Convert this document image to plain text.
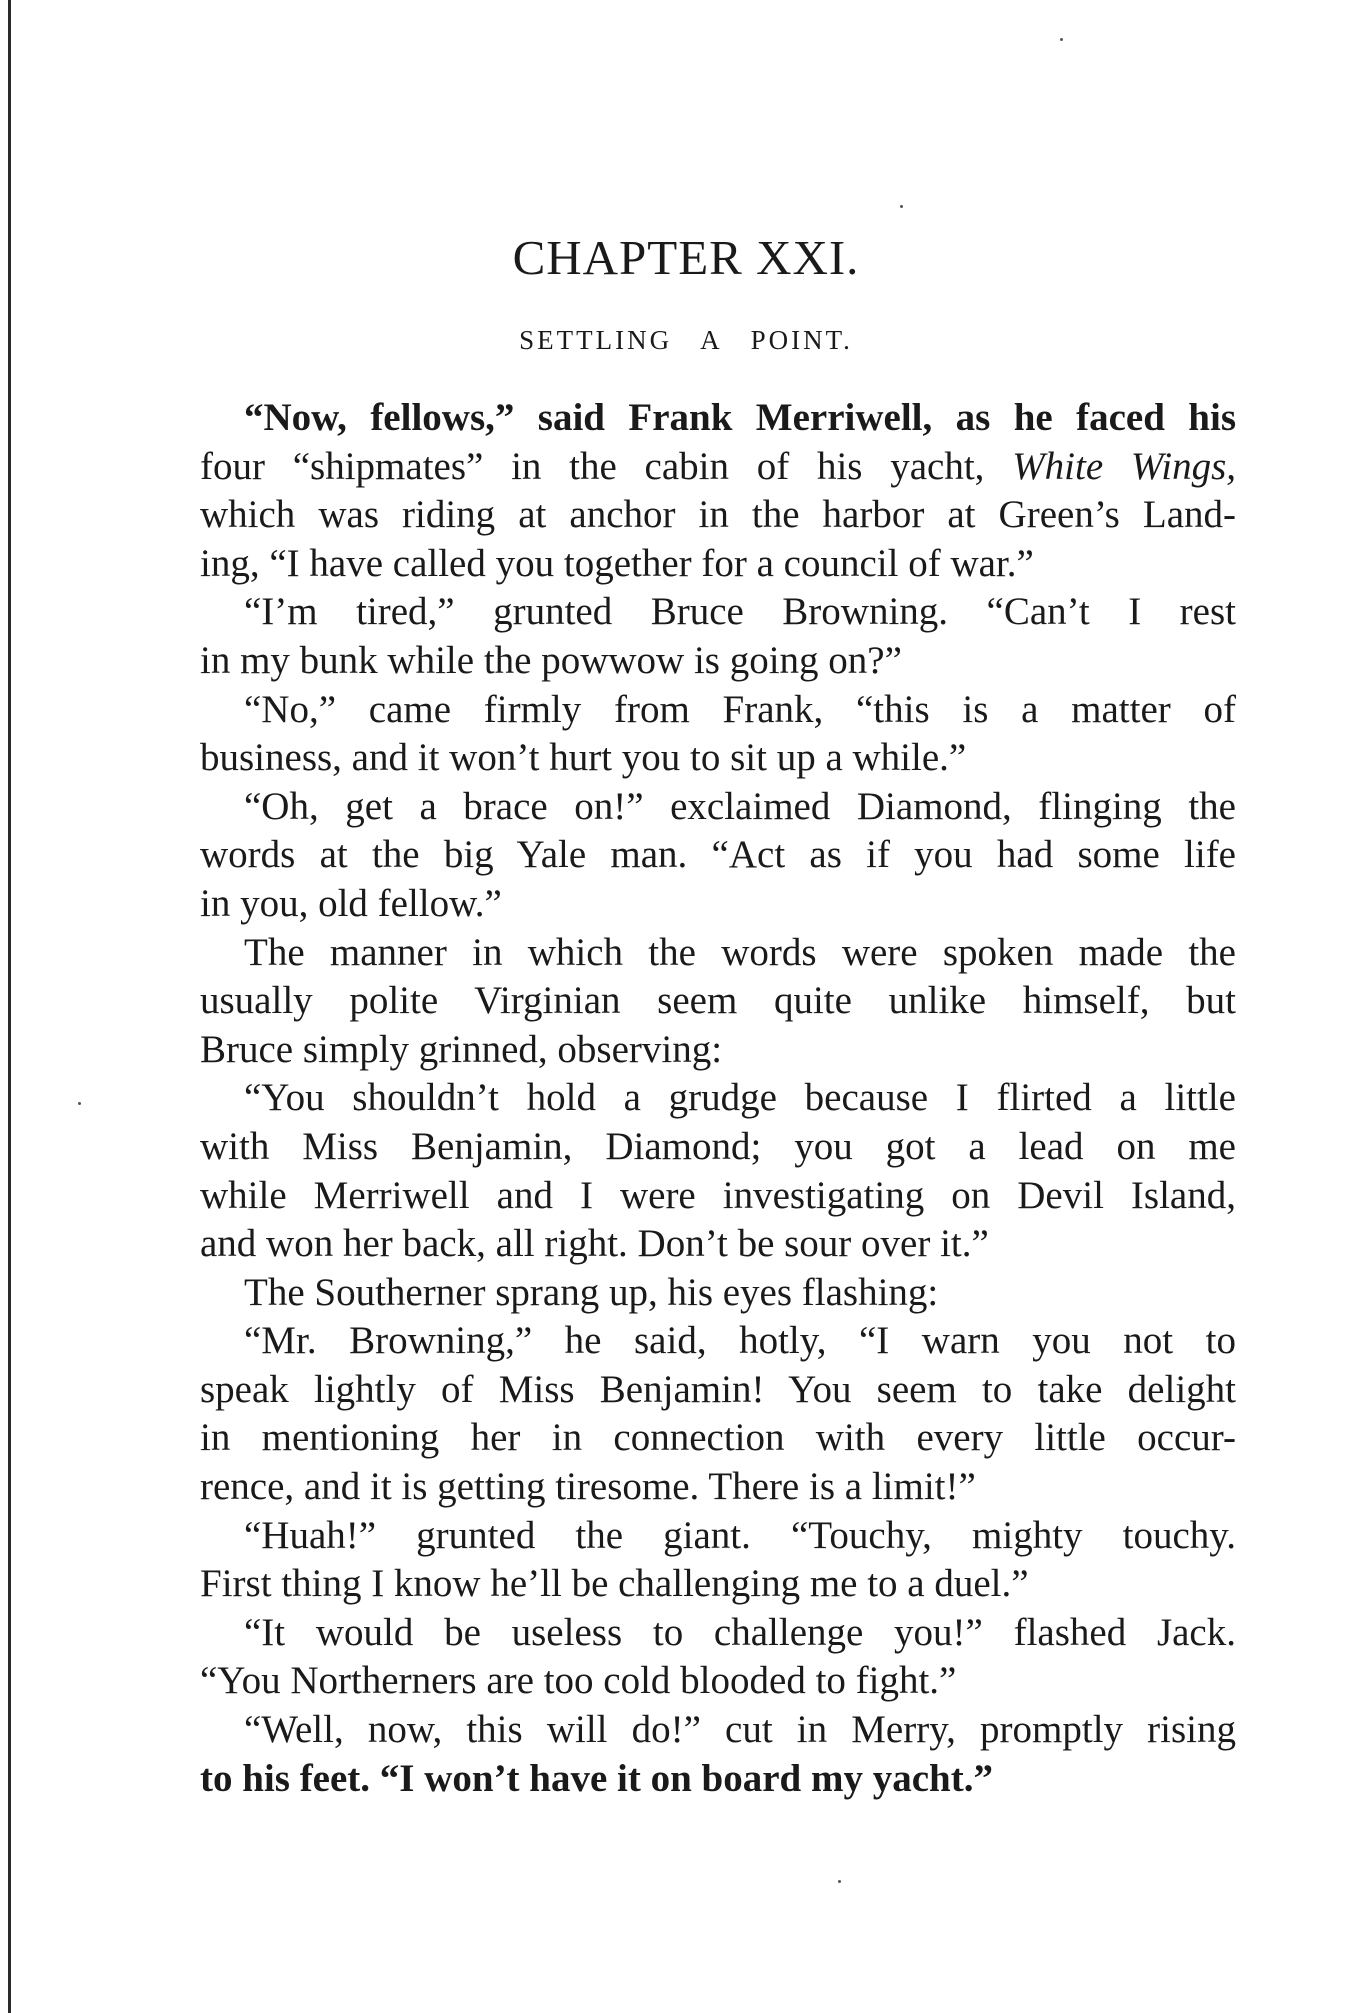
CHAPTER XXI.
SETTLING A POINT.
“Now, fellows,” said Frank Merriwell, as he faced his
four “shipmates” in the cabin of his yacht, White Wings,
which was riding at anchor in the harbor at Green’s Land-
ing, “I have called you together for a council of war.”
“I’m tired,” grunted Bruce Browning. “Can’t I rest
in my bunk while the powwow is going on?”
“No,” came firmly from Frank, “this is a matter of
business, and it won’t hurt you to sit up a while.”
“Oh, get a brace on!” exclaimed Diamond, flinging the
words at the big Yale man. “Act as if you had some life
in you, old fellow.”
The manner in which the words were spoken made the
usually polite Virginian seem quite unlike himself, but
Bruce simply grinned, observing:
“You shouldn’t hold a grudge because I flirted a little
with Miss Benjamin, Diamond; you got a lead on me
while Merriwell and I were investigating on Devil Island,
and won her back, all right. Don’t be sour over it.”
The Southerner sprang up, his eyes flashing:
“Mr. Browning,” he said, hotly, “I warn you not to
speak lightly of Miss Benjamin! You seem to take delight
in mentioning her in connection with every little occur-
rence, and it is getting tiresome. There is a limit!”
“Huah!” grunted the giant. “Touchy, mighty touchy.
First thing I know he’ll be challenging me to a duel.”
“It would be useless to challenge you!” flashed Jack.
“You Northerners are too cold blooded to fight.”
“Well, now, this will do!” cut in Merry, promptly rising
to his feet. “I won’t have it on board my yacht.”
